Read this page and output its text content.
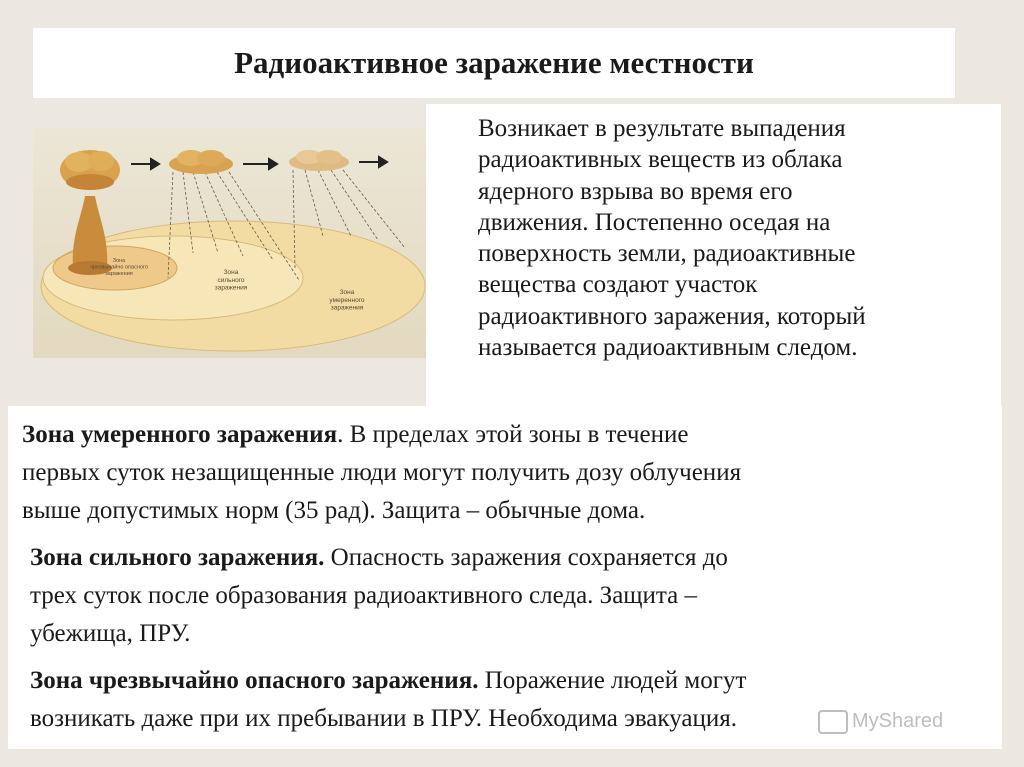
Радиоактивное заражение местности

Возникает в результате выпадения
радиоактивных веществ из облака
ядерного взрыва во время его
движения. Постепенно оседая на
поверхность земли, радиоактивные
вещества создают участок
радиоактивного заражения, который
называется радиоактивным следом.

Зона чрезвычайно опасного заражения	Зона сильного заражения
Зона умеренного заражения

Зона умеренного заражения. В пределах этой зоны в течение
первых суток незащищенные люди могут получить дозу облучения
выше допустимых норм (35 рад). Защита – обычные дома.

Зона сильного заражения. Опасность заражения сохраняется до
трех суток после образования радиоактивного следа. Защита –
убежища, ПРУ.

Зона чрезвычайно опасного заражения. Поражение людей могут
возникать даже при их пребывании в ПРУ. Необходима эвакуация.	MyShared
